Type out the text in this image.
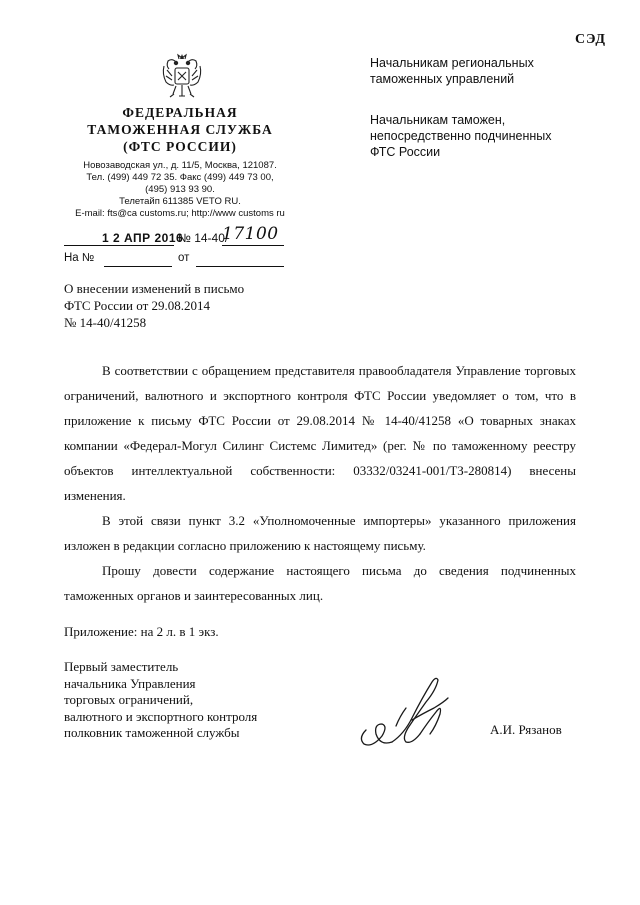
СЭД
ФЕДЕРАЛЬНАЯ
ТАМОЖЕННАЯ СЛУЖБА
(ФТС РОССИИ)
Новозаводская ул., д. 11/5, Москва, 121087.
Тел. (499) 449 72 35. Факс (499) 449 73 00,
(495) 913 93 90.
Телетайп 611385 VETO RU.
E-mail: fts@ca customs.ru; http://www customs ru
1 2 АПР 2016
№ 14-40/
17100
На №	от
Начальникам региональных
таможенных управлений
Начальникам таможен,
непосредственно подчиненных
ФТС России
О внесении изменений в письмо
ФТС России от 29.08.2014
№ 14-40/41258

В соответствии с обращением представителя правообладателя Управление торговых ограничений, валютного и экспортного контроля ФТС России уведомляет о том, что в приложение к письму ФТС России от 29.08.2014 № 14-40/41258 «О товарных знаках компании «Федерал-Могул Силинг Системс Лимитед» (рег. № по таможенному реестру объектов интеллектуальной собственности: 03332/03241-001/ТЗ-280814) внесены изменения.

В этой связи пункт 3.2 «Уполномоченные импортеры» указанного приложения изложен в редакции согласно приложению к настоящему письму.

Прошу довести содержание настоящего письма до сведения подчиненных таможенных органов и заинтересованных лиц.

Приложение: на 2 л. в 1 экз.
Первый заместитель
начальника Управления
торговых ограничений,
валютного и экспортного контроля
полковник таможенной службы	А.И. Рязанов
